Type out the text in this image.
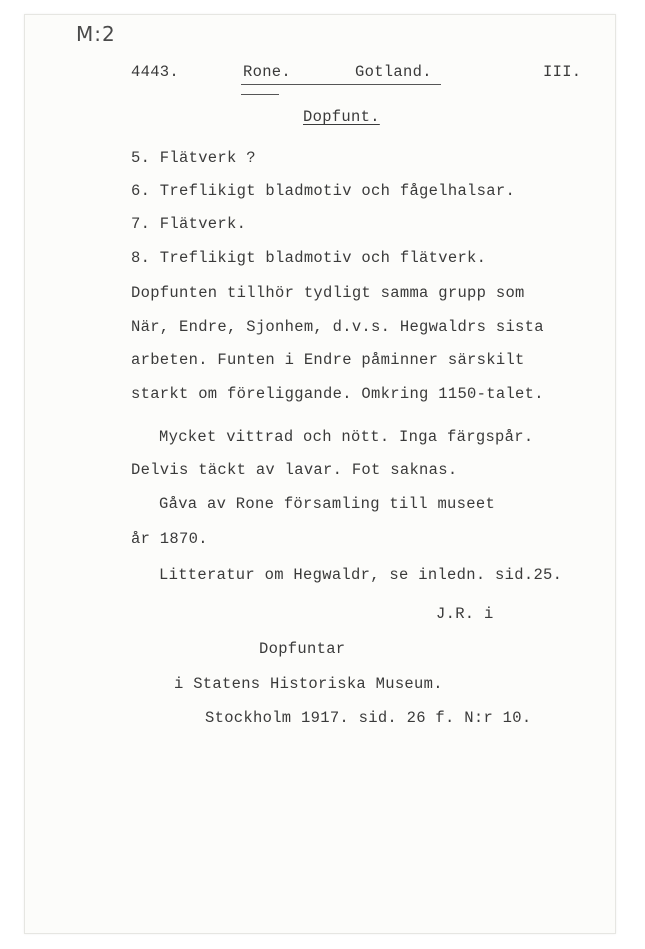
M:2
4443.	Rone.	Gotland.	III.
Dopfunt.
5. Flätverk ?
6. Treflikigt bladmotiv och fågelhalsar.
7. Flätverk.
8. Treflikigt bladmotiv och flätverk.
Dopfunten tillhör tydligt samma grupp som
När, Endre, Sjonhem, d.v.s. Hegwaldrs sista
arbeten. Funten i Endre påminner särskilt
starkt om föreliggande. Omkring 1150-talet.
Mycket vittrad och nött. Inga färgspår.
Delvis täckt av lavar. Fot saknas.
Gåva av Rone församling till museet
år 1870.
Litteratur om Hegwaldr, se inledn. sid.25.
J.R. i
Dopfuntar
i Statens Historiska Museum.
Stockholm 1917. sid. 26 f. N:r 10.
